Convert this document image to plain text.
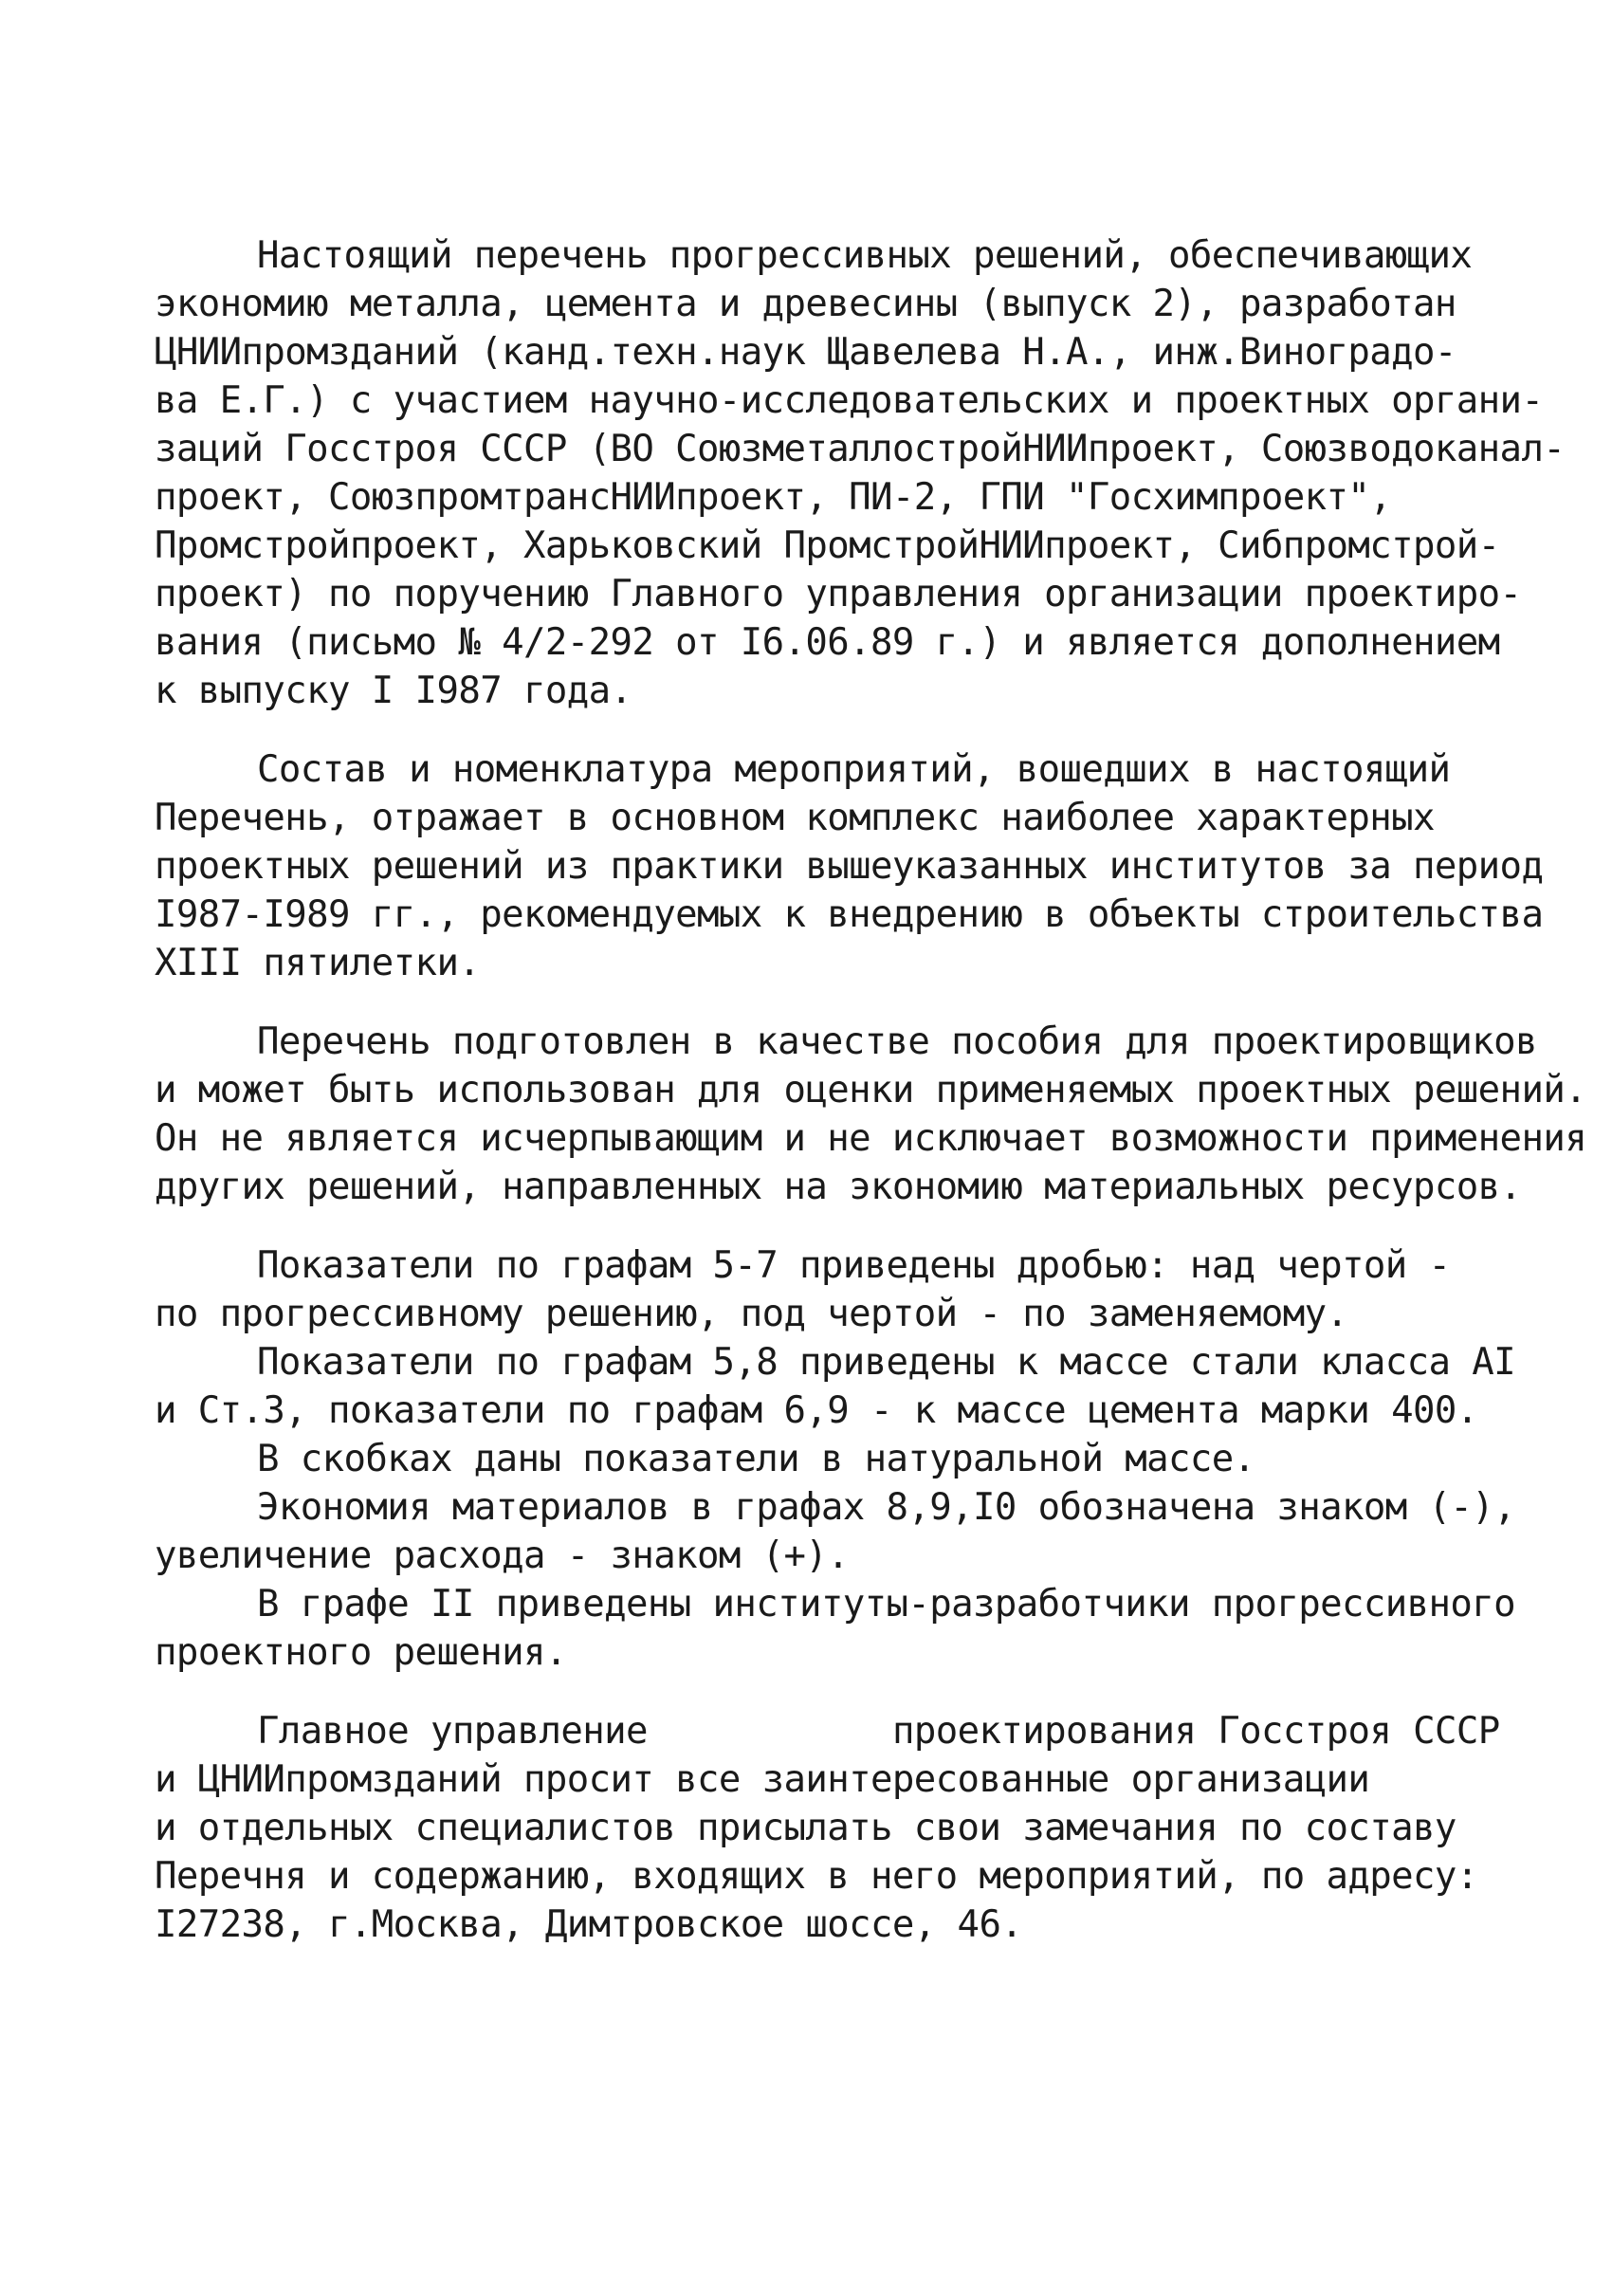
Настоящий перечень прогрессивных решений, обеспечивающих
экономию металла, цемента и древесины (выпуск 2), разработан
ЦНИИпромзданий (канд.техн.наук Щавелева Н.А., инж.Виноградо-
ва Е.Г.) с участием научно-исследовательских и проектных органи-
заций Госстроя СССР (ВО СоюзметаллостройНИИпроект, Союзводоканал-
проект, СоюзпромтрансНИИпроект, ПИ-2, ГПИ "Госхимпроект",
Промстройпроект, Харьковский ПромстройНИИпроект, Сибпромстрой-
проект) по поручению Главного управления организации проектиро-
вания (письмо № 4/2-292 от I6.06.89 г.) и является дополнением
к выпуску I I987 года.
Состав и номенклатура мероприятий, вошедших в настоящий
Перечень, отражает в основном комплекс наиболее характерных
проектных решений из практики вышеуказанных институтов за период
I987-I989 гг., рекомендуемых к внедрению в объекты строительства
XIII пятилетки.
Перечень подготовлен в качестве пособия для проектировщиков
и может быть использован для оценки применяемых проектных решений.
Он не является исчерпывающим и не исключает возможности применения
других решений, направленных на экономию материальных ресурсов.
Показатели по графам 5-7 приведены дробью: над чертой -
по прогрессивному решению, под чертой - по заменяемому.
Показатели по графам 5,8 приведены к массе стали класса АI
и Ст.3, показатели по графам 6,9 - к массе цемента марки 400.
В скобках даны показатели в натуральной массе.
Экономия материалов в графах 8,9,I0 обозначена знаком (-),
увеличение расхода - знаком (+).
В графе II приведены институты-разработчики прогрессивного
проектного решения.
Главное управление	проектирования Госстроя СССР
и ЦНИИпромзданий просит все заинтересованные организации
и отдельных специалистов присылать свои замечания по составу
Перечня и содержанию, входящих в него мероприятий, по адресу:
I27238, г.Москва, Димтровское шоссе, 46.
